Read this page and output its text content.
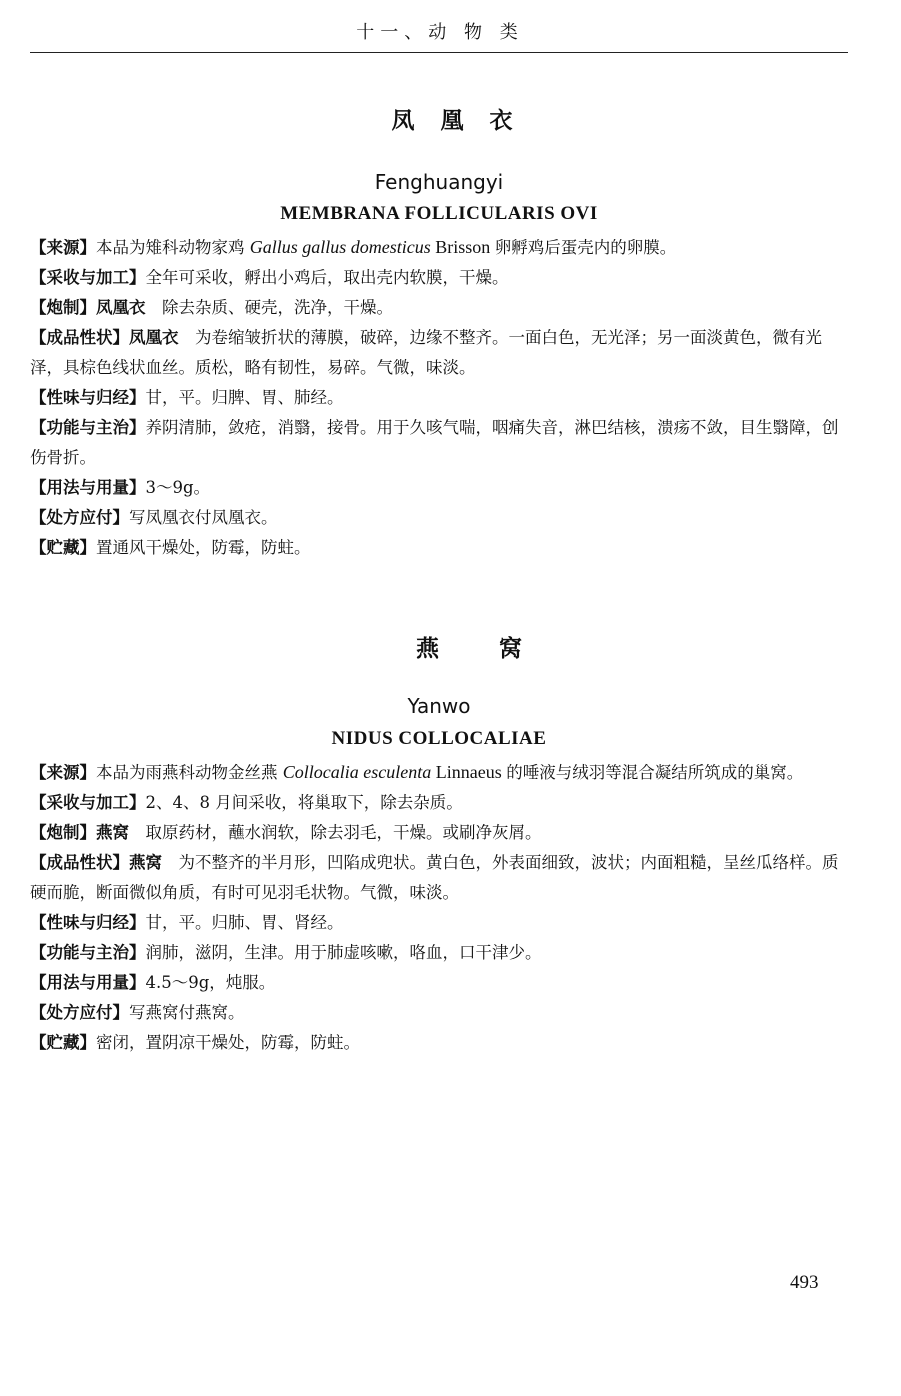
十一、动 物 类
凤凰衣

Fenghuangyi

MEMBRANA FOLLICULARIS OVI

【来源】本品为雉科动物家鸡 Gallus gallus domesticus Brisson 卵孵鸡后蛋壳内的卵膜。

【采收与加工】全年可采收，孵出小鸡后，取出壳内软膜，干燥。

【炮制】凤凰衣　除去杂质、硬壳，洗净，干燥。

【成品性状】凤凰衣　为卷缩皱折状的薄膜，破碎，边缘不整齐。一面白色，无光泽；另一面淡黄色，微有光泽，具棕色线状血丝。质松，略有韧性，易碎。气微，味淡。

【性味与归经】甘，平。归脾、胃、肺经。

【功能与主治】养阴清肺，敛疮，消翳，接骨。用于久咳气喘，咽痛失音，淋巴结核，溃疡不敛，目生翳障，创伤骨折。

【用法与用量】3～9g。

【处方应付】写凤凰衣付凤凰衣。

【贮藏】置通风干燥处，防霉，防蛀。

燕窝

Yanwo

NIDUS COLLOCALIAE

【来源】本品为雨燕科动物金丝燕 Collocalia esculenta Linnaeus 的唾液与绒羽等混合凝结所筑成的巢窝。

【采收与加工】2、4、8 月间采收，将巢取下，除去杂质。

【炮制】燕窝　取原药材，蘸水润软，除去羽毛，干燥。或刷净灰屑。

【成品性状】燕窝　为不整齐的半月形，凹陷成兜状。黄白色，外表面细致，波状；内面粗糙，呈丝瓜络样。质硬而脆，断面微似角质，有时可见羽毛状物。气微，味淡。

【性味与归经】甘，平。归肺、胃、肾经。

【功能与主治】润肺，滋阴，生津。用于肺虚咳嗽，咯血，口干津少。

【用法与用量】4.5～9g，炖服。

【处方应付】写燕窝付燕窝。

【贮藏】密闭，置阴凉干燥处，防霉，防蛀。

493
